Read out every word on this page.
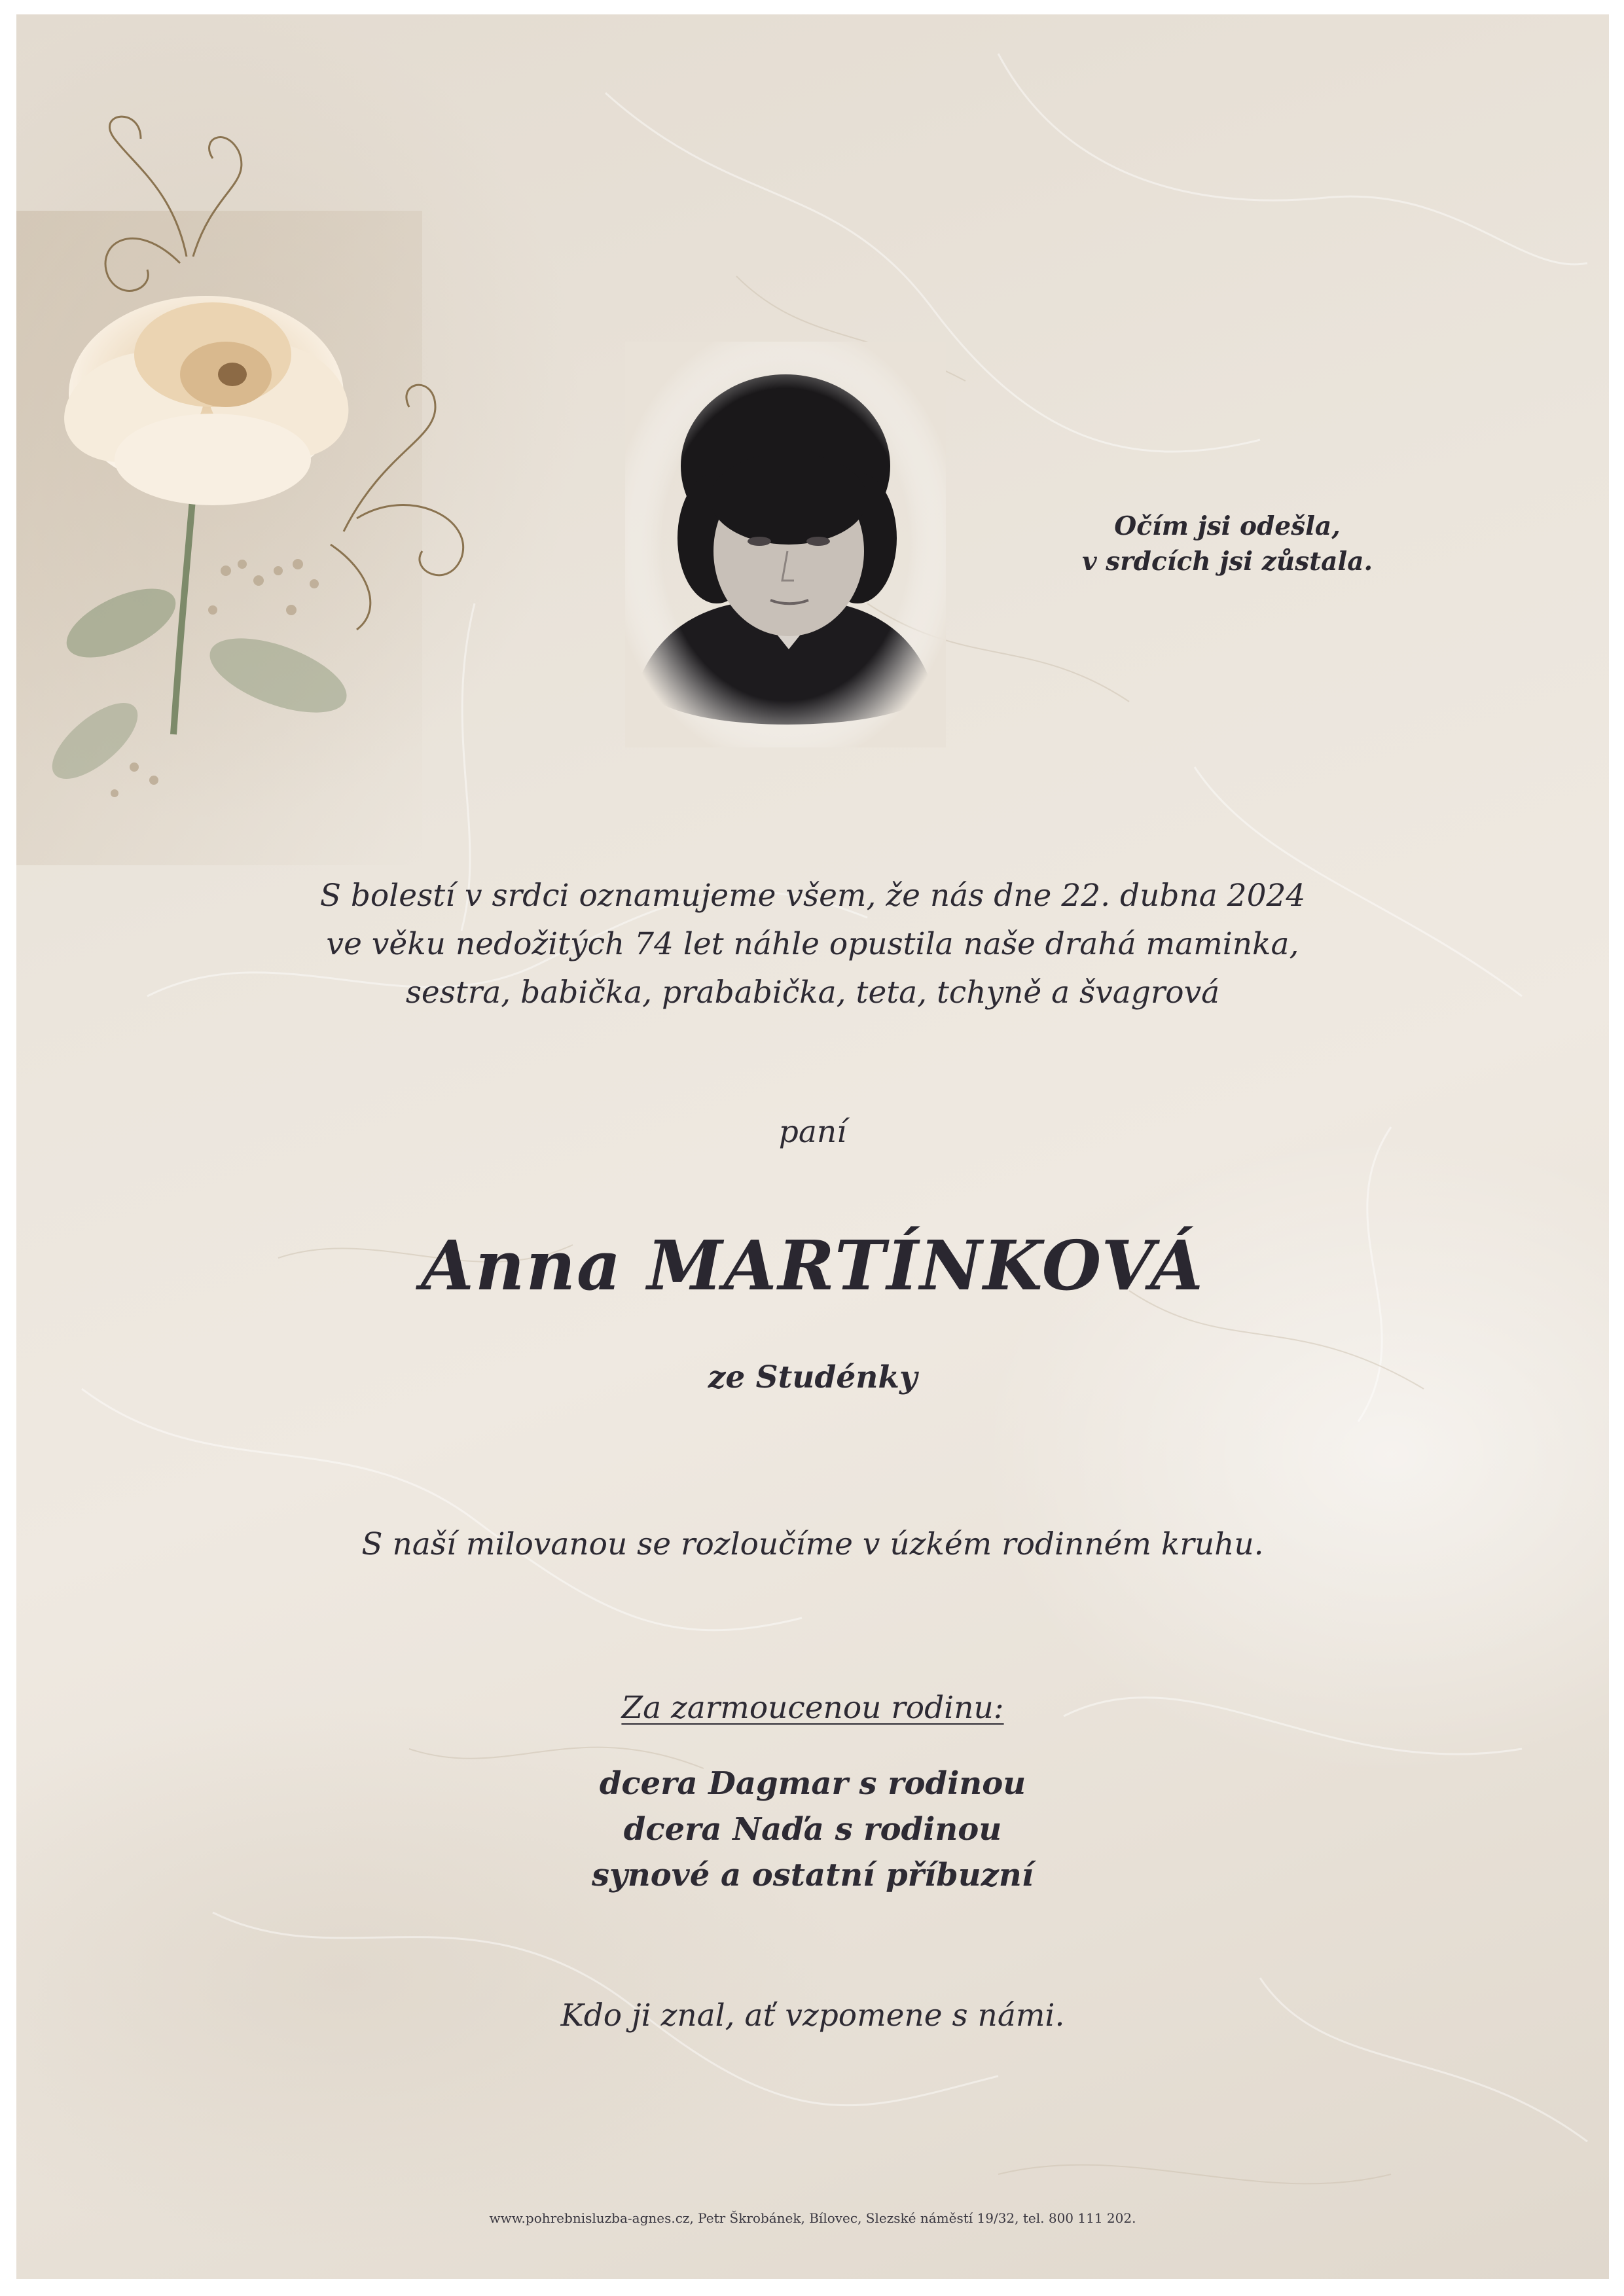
Očím jsi odešla,
v srdcích jsi zůstala.
S bolestí v srdci oznamujeme všem, že nás dne 22. dubna 2024
ve věku nedožitých 74 let náhle opustila naše drahá maminka,
sestra, babička, prababička, teta, tchyně a švagrová
paní
Anna MARTÍNKOVÁ
ze Studénky
S naší milovanou se rozloučíme v úzkém rodinném kruhu.
Za zarmoucenou rodinu:
dcera Dagmar s rodinou
dcera Naďa s rodinou
synové a ostatní příbuzní
Kdo ji znal, ať vzpomene s námi.
www.pohrebnisluzba-agnes.cz, Petr Škrobánek, Bílovec, Slezské náměstí 19/32, tel. 800 111 202.
